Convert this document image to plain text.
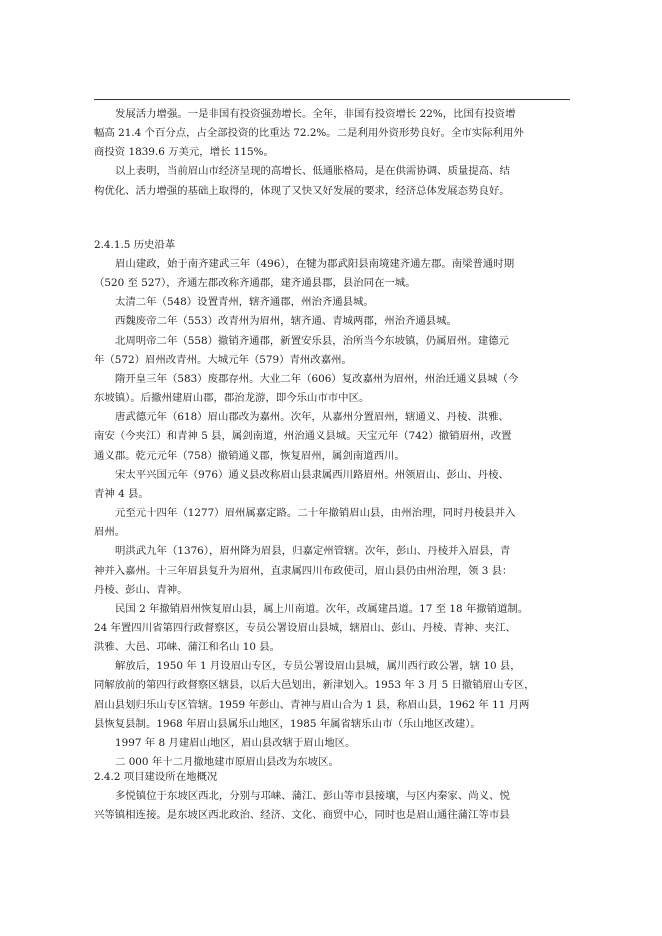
发展活力增强。一是非国有投资强劲增长。全年，非国有投资增长 22%，比国有投资增

幅高 21.4 个百分点，占全部投资的比重达 72.2%。二是利用外资形势良好。全市实际利用外

商投资 1839.6 万美元，增长 115%。

以上表明，当前眉山市经济呈现的高增长、低通胀格局，是在供需协调、质量提高、结

构优化、活力增强的基础上取得的，体现了又快又好发展的要求，经济总体发展态势良好。

2.4.1.5 历史沿革

眉山建政，始于南齐建武三年（496），在犍为郡武阳县南境建齐通左郡。南梁普通时期

（520 至 527），齐通左郡改称齐通郡，建齐通县郡，县治同在一城。

太清二年（548）设置青州，辖齐通郡，州治齐通县城。

西魏废帝二年（553）改青州为眉州，辖齐通、青城两郡，州治齐通县城。

北周明帝二年（558）撤销齐通郡，新置安乐县，治所当今东坡镇，仍属眉州。建德元

年（572）眉州改青州。大城元年（579）青州改嘉州。

隋开皇三年（583）废郡存州。大业二年（606）复改嘉州为眉州，州治迁通义县城（今

东坡镇）。后撤州建眉山郡，郡治龙游，即今乐山市市中区。

唐武德元年（618）眉山郡改为嘉州。次年，从嘉州分置眉州，辖通义、丹棱、洪雅、

南安（今夹江）和青神 5 县，属剑南道，州治通义县城。天宝元年（742）撤销眉州，改置

通义郡。乾元元年（758）撤销通义郡，恢复眉州，属剑南道西川。

宋太平兴国元年（976）通义县改称眉山县隶属西川路眉州。州领眉山、彭山、丹棱、

青神 4 县。

元至元十四年（1277）眉州属嘉定路。二十年撤销眉山县，由州治理，同时丹棱县并入

眉州。

明洪武九年（1376），眉州降为眉县，归嘉定州管辖。次年，彭山、丹棱并入眉县，青

神并入嘉州。十三年眉县复升为眉州，直隶属四川布政使司，眉山县仍由州治理，领 3 县：

丹棱、彭山、青神。

民国 2 年撤销眉州恢复眉山县，属上川南道。次年，改属建昌道。17 至 18 年撤销道制。

24 年置四川省第四行政督察区，专员公署设眉山县城，辖眉山、彭山、丹棱、青神、夹江、

洪雅、大邑、邛崃、蒲江和名山 10 县。

解放后，1950 年 1 月设眉山专区，专员公署设眉山县城，属川西行政公署，辖 10 县，

同解放前的第四行政督察区辖县，以后大邑划出，新津划入。1953 年 3 月 5 日撤销眉山专区，

眉山县划归乐山专区管辖。1959 年彭山、青神与眉山合为 1 县，称眉山县，1962 年 11 月两

县恢复县制。1968 年眉山县属乐山地区，1985 年属省辖乐山市（乐山地区改建）。

1997 年 8 月建眉山地区，眉山县改辖于眉山地区。

二 000 年十二月撤地建市原眉山县改为东坡区。

2.4.2 项目建设所在地概况

多悦镇位于东坡区西北，分别与邛崃、蒲江、彭山等市县接壤，与区内秦家、尚义、悦

兴等镇相连接。是东坡区西北政治、经济、文化、商贸中心，同时也是眉山通往蒲江等市县
